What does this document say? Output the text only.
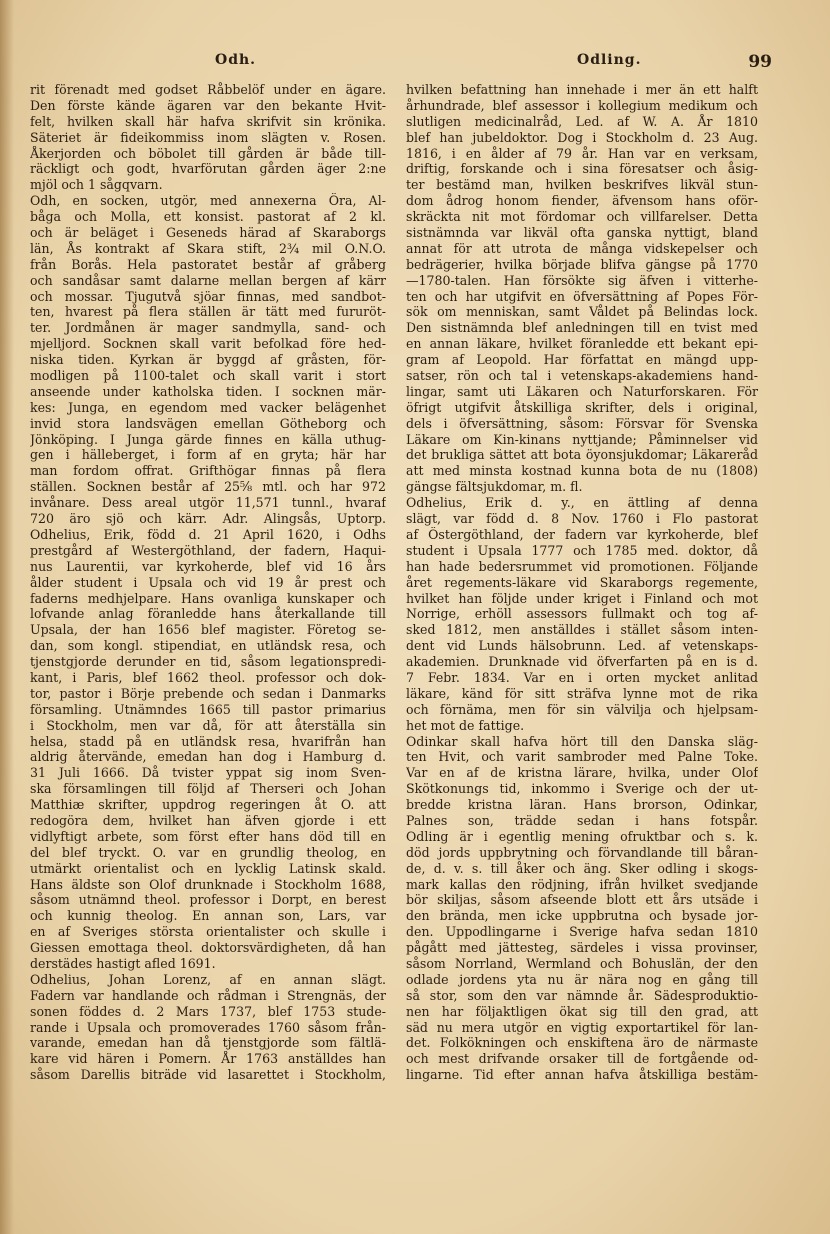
Odh.	Odling.	99
rit förenadt med godset Råbbelöf under en ägare.
Den förste kände ägaren var den bekante Hvit-
felt, hvilken skall här hafva skrifvit sin krönika.
Säteriet är fideikommiss inom slägten v. Rosen.
Åkerjorden och böbolet till gården är både till-
räckligt och godt, hvarförutan gården äger 2:ne
mjöl och 1 sågqvarn.
Odh, en socken, utgör, med annexerna Öra, Al-
båga och Molla, ett konsist. pastorat af 2 kl.
och är beläget i Geseneds härad af Skaraborgs
län, Ås kontrakt af Skara stift, 2¾ mil O.N.O.
från Borås. Hela pastoratet består af gråberg
och sandåsar samt dalarne mellan bergen af kärr
och mossar. Tjugutvå sjöar finnas, med sandbot-
ten, hvarest på flera ställen är tätt med fururöt-
ter. Jordmånen är mager sandmylla, sand- och
mjelljord. Socknen skall varit befolkad före hed-
niska tiden. Kyrkan är byggd af gråsten, för-
modligen på 1100-talet och skall varit i stort
anseende under katholska tiden. I socknen mär-
kes: Junga, en egendom med vacker belägenhet
invid stora landsvägen emellan Götheborg och
Jönköping. I Junga gärde finnes en källa uthug-
gen i hälleberget, i form af en gryta; här har
man fordom offrat. Grifthögar finnas på flera
ställen. Socknen består af 25⅝ mtl. och har 972
invånare. Dess areal utgör 11,571 tunnl., hvaraf
720 äro sjö och kärr. Adr. Alingsås, Uptorp.
Odhelius, Erik, född d. 21 April 1620, i Odhs
prestgård af Westergöthland, der fadern, Haqui-
nus Laurentii, var kyrkoherde, blef vid 16 års
ålder student i Upsala och vid 19 år prest och
faderns medhjelpare. Hans ovanliga kunskaper och
lofvande anlag föranledde hans återkallande till
Upsala, der han 1656 blef magister. Företog se-
dan, som kongl. stipendiat, en utländsk resa, och
tjenstgjorde derunder en tid, såsom legationspredi-
kant, i Paris, blef 1662 theol. professor och dok-
tor, pastor i Börje prebende och sedan i Danmarks
församling. Utnämndes 1665 till pastor primarius
i Stockholm, men var då, för att återställa sin
helsa, stadd på en utländsk resa, hvarifrån han
aldrig återvände, emedan han dog i Hamburg d.
31 Juli 1666. Då tvister yppat sig inom Sven-
ska församlingen till följd af Therseri och Johan
Matthiæ skrifter, uppdrog regeringen åt O. att
redogöra dem, hvilket han äfven gjorde i ett
vidlyftigt arbete, som först efter hans död till en
del blef tryckt. O. var en grundlig theolog, en
utmärkt orientalist och en lycklig Latinsk skald.
Hans äldste son Olof drunknade i Stockholm 1688,
såsom utnämnd theol. professor i Dorpt, en berest
och kunnig theolog. En annan son, Lars, var
en af Sveriges största orientalister och skulle i
Giessen emottaga theol. doktorsvärdigheten, då han
derstädes hastigt afled 1691.
Odhelius, Johan Lorenz, af en annan slägt.
Fadern var handlande och rådman i Strengnäs, der
sonen föddes d. 2 Mars 1737, blef 1753 stude-
rande i Upsala och promoverades 1760 såsom från-
varande, emedan han då tjenstgjorde som fältlä-
kare vid hären i Pomern. År 1763 anställdes han
såsom Darellis biträde vid lasarettet i Stockholm,
hvilken befattning han innehade i mer än ett halft
århundrade, blef assessor i kollegium medikum och
slutligen medicinalråd, Led. af W. A. År 1810
blef han jubeldoktor. Dog i Stockholm d. 23 Aug.
1816, i en ålder af 79 år. Han var en verksam,
driftig, forskande och i sina föresatser och åsig-
ter bestämd man, hvilken beskrifves likväl stun-
dom ådrog honom fiender, äfvensom hans oför-
skräckta nit mot fördomar och villfarelser. Detta
sistnämnda var likväl ofta ganska nyttigt, bland
annat för att utrota de många vidskepelser och
bedrägerier, hvilka började blifva gängse på 1770
—1780-talen. Han försökte sig äfven i vitterhe-
ten och har utgifvit en öfversättning af Popes För-
sök om menniskan, samt Våldet på Belindas lock.
Den sistnämnda blef anledningen till en tvist med
en annan läkare, hvilket föranledde ett bekant epi-
gram af Leopold. Har författat en mängd upp-
satser, rön och tal i vetenskaps-akademiens hand-
lingar, samt uti Läkaren och Naturforskaren. För
öfrigt utgifvit åtskilliga skrifter, dels i original,
dels i öfversättning, såsom: Försvar för Svenska
Läkare om Kin-kinans nyttjande; Påminnelser vid
det brukliga sättet att bota öyonsjukdomar; Läkareråd
att med minsta kostnad kunna bota de nu (1808)
gängse fältsjukdomar, m. fl.
Odhelius, Erik d. y., en ättling af denna
slägt, var född d. 8 Nov. 1760 i Flo pastorat
af Östergöthland, der fadern var kyrkoherde, blef
student i Upsala 1777 och 1785 med. doktor, då
han hade bedersrummet vid promotionen. Följande
året regements-läkare vid Skaraborgs regemente,
hvilket han följde under kriget i Finland och mot
Norrige, erhöll assessors fullmakt och tog af-
sked 1812, men anställdes i stället såsom inten-
dent vid Lunds hälsobrunn. Led. af vetenskaps-
akademien. Drunknade vid öfverfarten på en is d.
7 Febr. 1834. Var en i orten mycket anlitad
läkare, känd för sitt sträfva lynne mot de rika
och förnäma, men för sin välvilja och hjelpsam-
het mot de fattige.
Odinkar skall hafva hört till den Danska släg-
ten Hvit, och varit sambroder med Palne Toke.
Var en af de kristna lärare, hvilka, under Olof
Skötkonungs tid, inkommo i Sverige och der ut-
bredde kristna läran. Hans brorson, Odinkar,
Palnes son, trädde sedan i hans fotspår.
Odling är i egentlig mening ofruktbar och s. k.
död jords uppbrytning och förvandlande till båran-
de, d. v. s. till åker och äng. Sker odling i skogs-
mark kallas den rödjning, ifrån hvilket svedjande
bör skiljas, såsom afseende blott ett års utsäde i
den brända, men icke uppbrutna och bysade jor-
den. Uppodlingarne i Sverige hafva sedan 1810
pågått med jättesteg, särdeles i vissa provinser,
såsom Norrland, Wermland och Bohuslän, der den
odlade jordens yta nu är nära nog en gång till
så stor, som den var nämnde år. Sädesproduktio-
nen har följaktligen ökat sig till den grad, att
säd nu mera utgör en vigtig exportartikel för lan-
det. Folkökningen och enskiftena äro de närmaste
och mest drifvande orsaker till de fortgående od-
lingarne. Tid efter annan hafva åtskilliga bestäm-
